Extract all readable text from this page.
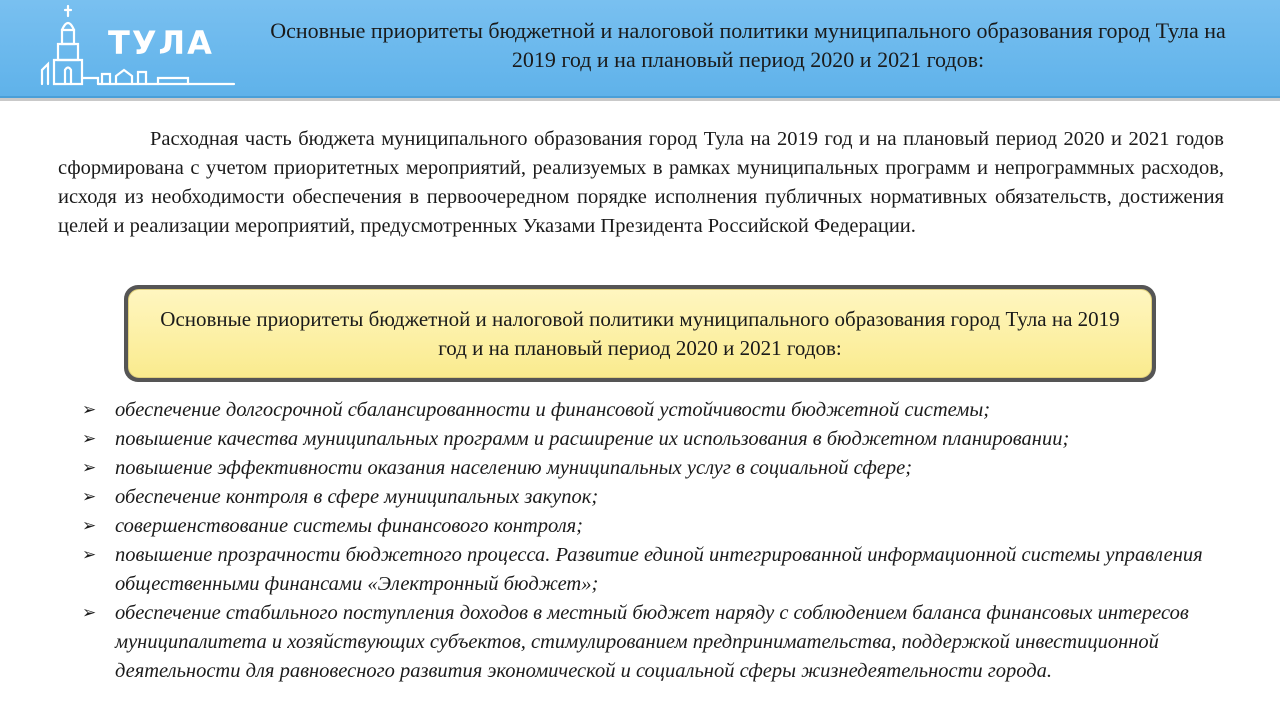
ТУЛА	Основные приоритеты бюджетной и налоговой политики муниципального образования город Тула на 2019 год и на плановый период 2020 и 2021 годов:

Расходная часть бюджета муниципального образования город Тула на 2019 год и на плановый период 2020 и 2021 годов сформирована с учетом приоритетных мероприятий, реализуемых в рамках муниципальных программ и непрограммных расходов, исходя из необходимости обеспечения в первоочередном порядке исполнения публичных нормативных обязательств, достижения целей и реализации мероприятий, предусмотренных Указами Президента Российской Федерации.

Основные приоритеты бюджетной и налоговой политики муниципального образования город Тула на 2019 год и на плановый период 2020 и 2021 годов:

➢ обеспечение долгосрочной сбалансированности и финансовой устойчивости бюджетной системы;
➢ повышение качества муниципальных программ и расширение их использования в бюджетном планировании;
➢ повышение эффективности оказания населению муниципальных услуг в социальной сфере;
➢ обеспечение контроля в сфере муниципальных закупок;
➢ совершенствование системы финансового контроля;
➢ повышение прозрачности бюджетного процесса. Развитие единой интегрированной информационной системы управления общественными финансами «Электронный бюджет»;
➢ обеспечение стабильного поступления доходов в местный бюджет наряду с соблюдением баланса финансовых интересов муниципалитета и хозяйствующих субъектов, стимулированием предпринимательства, поддержкой инвестиционной деятельности для равновесного развития экономической и социальной сферы жизнедеятельности города.
